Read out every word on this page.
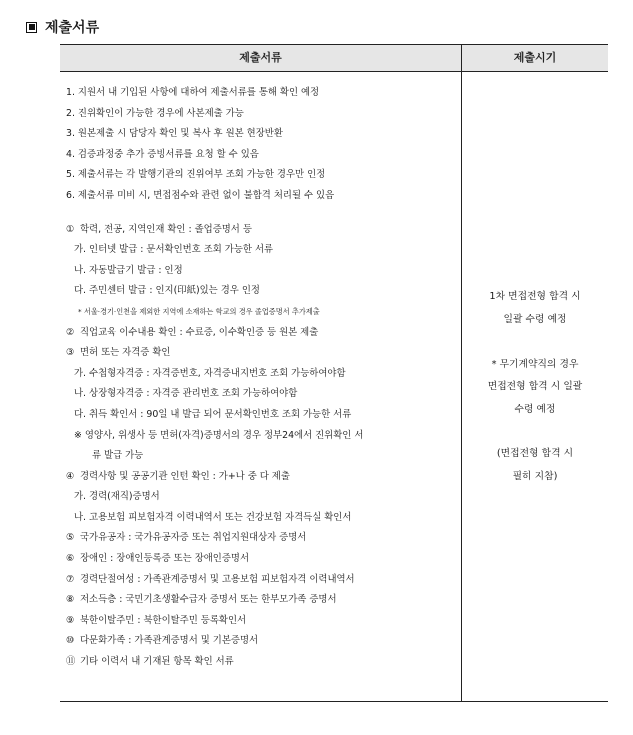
제출서류
제출서류	제출시기
1. 지원서 내 기입된 사항에 대하여 제출서류를 통해 확인 예정
2. 진위확인이 가능한 경우에 사본제출 가능
3. 원본제출 시 담당자 확인 및 복사 후 원본 현장반환
4. 검증과정중 추가 증빙서류를 요청 할 수 있음
5. 제출서류는 각 발행기관의 진위여부 조회 가능한 경우만 인정
6. 제출서류 미비 시, 면접점수와 관련 없이 불합격 처리될 수 있음
① 학력, 전공, 지역인재 확인 : 졸업증명서 등
가. 인터넷 발급 : 문서확인번호 조회 가능한 서류
나. 자동발급기 발급 : 인정
다. 주민센터 발급 : 인지(印紙)있는 경우 인정
* 서울·경기·인천을 제외한 지역에 소재하는 학교의 경우 졸업증명서 추가제출
② 직업교육 이수내용 확인 : 수료증, 이수확인증 등 원본 제출
③ 면허 또는 자격증 확인
가. 수첩형자격증 : 자격증번호, 자격증내지번호 조회 가능하여야함
나. 상장형자격증 : 자격증 관리번호 조회 가능하여야함
다. 취득 확인서 : 90일 내 발급 되어 문서확인번호 조회 가능한 서류
※ 영양사, 위생사 등 면허(자격)증명서의 경우 정부24에서 진위확인 서
류 발급 가능
④ 경력사항 및 공공기관 인턴 확인 : 가+나 중 다 제출
가. 경력(재직)증명서
나. 고용보험 피보험자격 이력내역서 또는 건강보험 자격득실 확인서
⑤ 국가유공자 : 국가유공자증 또는 취업지원대상자 증명서
⑥ 장애인 : 장애인등록증 또는 장애인증명서
⑦ 경력단절여성 : 가족관계증명서 및 고용보험 피보험자격 이력내역서
⑧ 저소득층 : 국민기초생활수급자 증명서 또는 한부모가족 증명서
⑨ 북한이탈주민 : 북한이탈주민 등록확인서
⑩ 다문화가족 : 가족관계증명서 및 기본증명서
⑪ 기타 이력서 내 기재된 항목 확인 서류
1차 면접전형 합격 시
일괄 수령 예정
* 무기계약직의 경우
면접전형 합격 시 일괄
수령 예정
(면접전형 합격 시
필히 지참)
